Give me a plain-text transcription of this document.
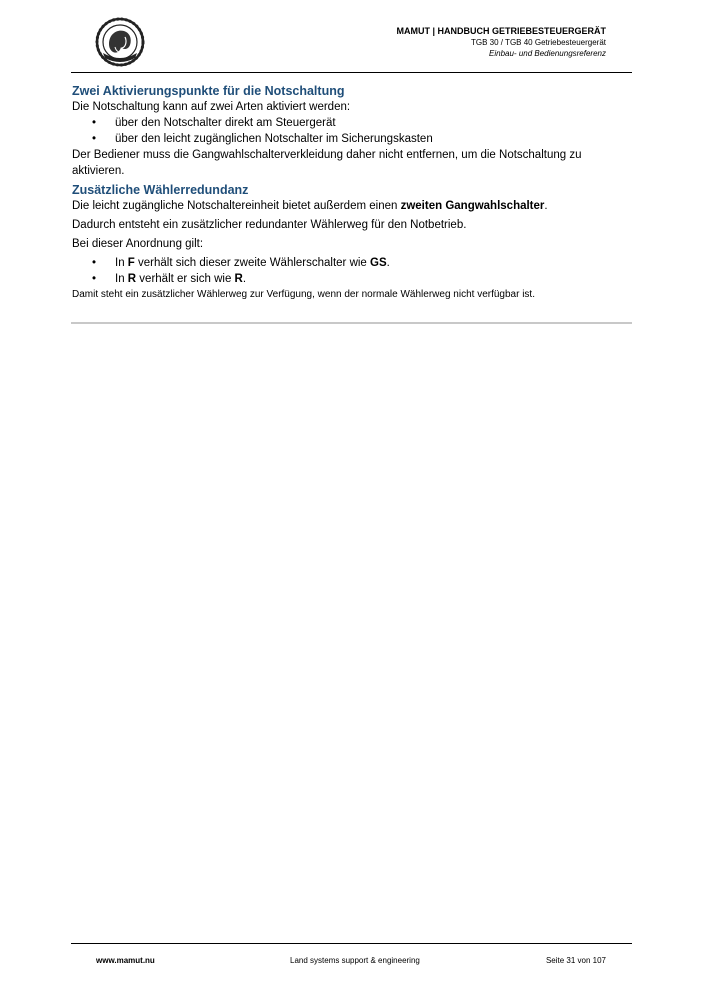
MAMUT | HANDBUCH GETRIEBESTEUERGERÄT
TGB 30 / TGB 40 Getriebesteuergerät
Einbau- und Bedienungsreferenz
Zwei Aktivierungspunkte für die Notschaltung

Die Notschaltung kann auf zwei Arten aktiviert werden:

• über den Notschalter direkt am Steuergerät
• über den leicht zugänglichen Notschalter im Sicherungskasten

Der Bediener muss die Gangwahlschalterverkleidung daher nicht entfernen, um die Notschaltung zu aktivieren.

Zusätzliche Wählerredundanz

Die leicht zugängliche Notschaltereinheit bietet außerdem einen zweiten Gangwahlschalter.

Dadurch entsteht ein zusätzlicher redundanter Wählerweg für den Notbetrieb.

Bei dieser Anordnung gilt:

• In F verhält sich dieser zweite Wählerschalter wie GS.
• In R verhält er sich wie R.

Damit steht ein zusätzlicher Wählerweg zur Verfügung, wenn der normale Wählerweg nicht verfügbar ist.

www.mamut.nu	Land systems support & engineering	Seite 31 von 107
